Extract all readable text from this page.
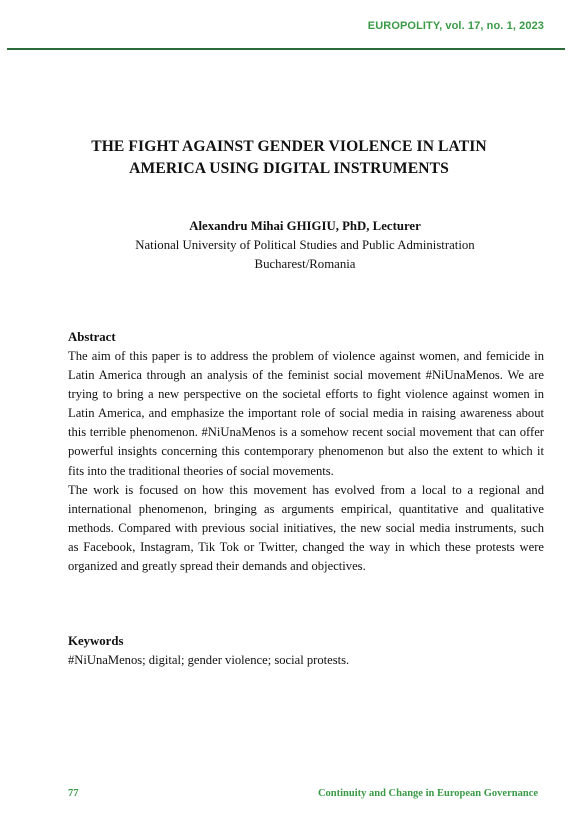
EUROPOLITY, vol. 17, no. 1, 2023
THE FIGHT AGAINST GENDER VIOLENCE IN LATIN
AMERICA USING DIGITAL INSTRUMENTS
Alexandru Mihai GHIGIU, PhD, Lecturer
National University of Political Studies and Public Administration
Bucharest/Romania
Abstract

The aim of this paper is to address the problem of violence against women, and femicide in Latin America through an analysis of the feminist social movement #NiUnaMenos. We are trying to bring a new perspective on the societal efforts to fight violence against women in Latin America, and emphasize the important role of social media in raising awareness about this terrible phenomenon. #NiUnaMenos is a somehow recent social movement that can offer powerful insights concerning this contemporary phenomenon but also the extent to which it fits into the traditional theories of social movements.

The work is focused on how this movement has evolved from a local to a regional and international phenomenon, bringing as arguments empirical, quantitative and qualitative methods. Compared with previous social initiatives, the new social media instruments, such as Facebook, Instagram, Tik Tok or Twitter, changed the way in which these protests were organized and greatly spread their demands and objectives.

Keywords

#NiUnaMenos; digital; gender violence; social protests.

77	Continuity and Change in European Governance
